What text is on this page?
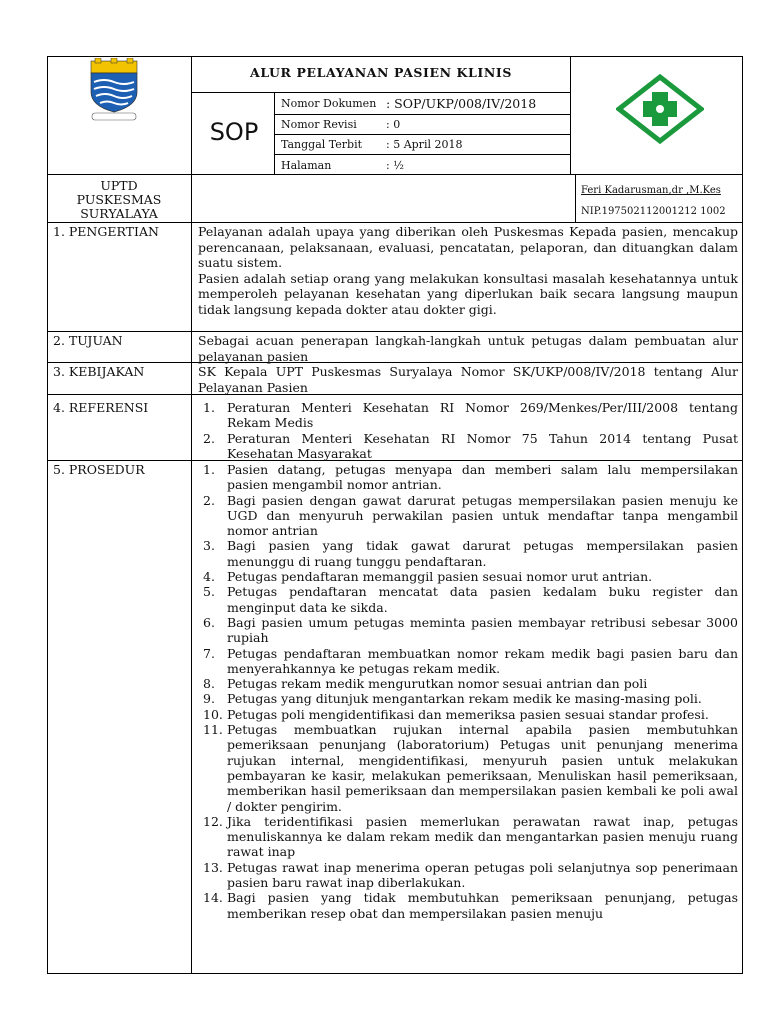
ALUR PELAYANAN PASIEN KLINIS
SOP
Nomor Dokumen : SOP/UKP/008/IV/2018
Nomor Revisi	: 0
Tanggal Terbit : 5 April 2018
Halaman	: ½
UPTD
PUSKESMAS
SURYALAYA
Feri Kadarusman,dr ,M.Kes
NIP.197502112001212 1002
1. PENGERTIAN	Pelayanan adalah upaya yang diberikan oleh Puskesmas Kepada pasien, mencakup perencanaan, pelaksanaan, evaluasi, pencatatan, pelaporan, dan dituangkan dalam suatu sistem.

Pasien adalah setiap orang yang melakukan konsultasi masalah kesehatannya untuk memperoleh pelayanan kesehatan yang diperlukan baik secara langsung maupun tidak langsung kepada dokter atau dokter gigi.

2. TUJUAN	Sebagai acuan penerapan langkah-langkah untuk petugas dalam pembuatan alur pelayanan pasien
3. KEBIJAKAN	SK Kepala UPT Puskesmas Suryalaya Nomor SK/UKP/008/IV/2018 tentang Alur Pelayanan Pasien
4. REFERENSI	1. Peraturan Menteri Kesehatan RI Nomor 269/Menkes/Per/III/2008 tentang Rekam Medis
2. Peraturan Menteri Kesehatan RI Nomor 75 Tahun 2014 tentang Pusat Kesehatan Masyarakat
5. PROSEDUR	1. Pasien datang, petugas menyapa dan memberi salam lalu mempersilakan pasien mengambil nomor antrian.
2. Bagi pasien dengan gawat darurat petugas mempersilakan pasien menuju ke UGD dan menyuruh perwakilan pasien untuk mendaftar tanpa mengambil nomor antrian
3. Bagi pasien yang tidak gawat darurat petugas mempersilakan pasien menunggu di ruang tunggu pendaftaran.
4. Petugas pendaftaran memanggil pasien sesuai nomor urut antrian.
5. Petugas pendaftaran mencatat data pasien kedalam buku register dan menginput data ke sikda.
6. Bagi pasien umum petugas meminta pasien membayar retribusi sebesar 3000 rupiah
7. Petugas pendaftaran membuatkan nomor rekam medik bagi pasien baru dan menyerahkannya ke petugas rekam medik.
8. Petugas rekam medik mengurutkan nomor sesuai antrian dan poli
9. Petugas yang ditunjuk mengantarkan rekam medik ke masing-masing poli.
10. Petugas poli mengidentifikasi dan memeriksa pasien sesuai standar profesi.
11. Petugas membuatkan rujukan internal apabila pasien membutuhkan pemeriksaan penunjang (laboratorium) Petugas unit penunjang menerima rujukan internal, mengidentifikasi, menyuruh pasien untuk melakukan pembayaran ke kasir, melakukan pemeriksaan, Menuliskan hasil pemeriksaan, memberikan hasil pemeriksaan dan mempersilakan pasien kembali ke poli awal / dokter pengirim.
12. Jika teridentifikasi pasien memerlukan perawatan rawat inap, petugas menuliskannya ke dalam rekam medik dan mengantarkan pasien menuju ruang rawat inap
13. Petugas rawat inap menerima operan petugas poli selanjutnya sop penerimaan pasien baru rawat inap diberlakukan.
14. Bagi pasien yang tidak membutuhkan pemeriksaan penunjang, petugas memberikan resep obat dan mempersilakan pasien menuju
